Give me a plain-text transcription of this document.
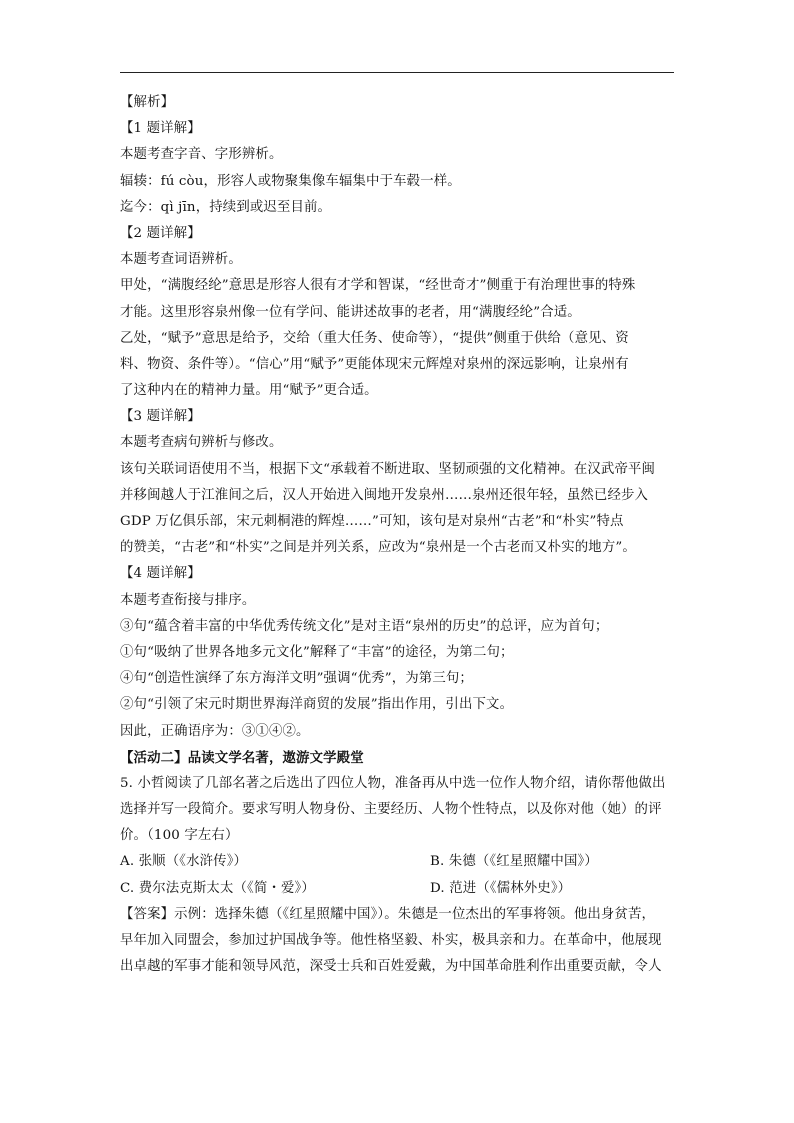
【解析】
【1 题详解】
本题考查字音、字形辨析。
辐辏：fú còu，形容人或物聚集像车辐集中于车毂一样。
迄今：qì jīn，持续到或迟至目前。
【2 题详解】
本题考查词语辨析。
甲处，“满腹经纶”意思是形容人很有才学和智谋，“经世奇才”侧重于有治理世事的特殊
才能。这里形容泉州像一位有学问、能讲述故事的老者，用“满腹经纶”合适。
乙处，“赋予”意思是给予，交给（重大任务、使命等），“提供”侧重于供给（意见、资
料、物资、条件等）。“信心”用“赋予”更能体现宋元辉煌对泉州的深远影响，让泉州有
了这种内在的精神力量。用“赋予”更合适。
【3 题详解】
本题考查病句辨析与修改。
该句关联词语使用不当，根据下文“承载着不断进取、坚韧顽强的文化精神。在汉武帝平闽
并移闽越人于江淮间之后，汉人开始进入闽地开发泉州……泉州还很年轻，虽然已经步入
GDP 万亿俱乐部，宋元刺桐港的辉煌……”可知，该句是对泉州“古老”和“朴实”特点
的赞美，“古老”和“朴实”之间是并列关系，应改为“泉州是一个古老而又朴实的地方”。
【4 题详解】
本题考查衔接与排序。
③句“蕴含着丰富的中华优秀传统文化”是对主语“泉州的历史”的总评，应为首句；
①句“吸纳了世界各地多元文化”解释了“丰富”的途径，为第二句；
④句“创造性演绎了东方海洋文明”强调“优秀”，为第三句；
②句“引领了宋元时期世界海洋商贸的发展”指出作用，引出下文。
因此，正确语序为：③①④②。
【活动二】品读文学名著，遨游文学殿堂
5. 小哲阅读了几部名著之后选出了四位人物，准备再从中选一位作人物介绍，请你帮他做出
选择并写一段简介。要求写明人物身份、主要经历、人物个性特点，以及你对他（她）的评
价。（100 字左右）
A. 张顺（《水浒传》）	B. 朱德（《红星照耀中国》）
C. 费尔法克斯太太（《简・爱》）	D. 范进（《儒林外史》）
【答案】示例：选择朱德（《红星照耀中国》）。朱德是一位杰出的军事将领。他出身贫苦，
早年加入同盟会，参加过护国战争等。他性格坚毅、朴实，极具亲和力。在革命中，他展现
出卓越的军事才能和领导风范，深受士兵和百姓爱戴，为中国革命胜利作出重要贡献，令人
